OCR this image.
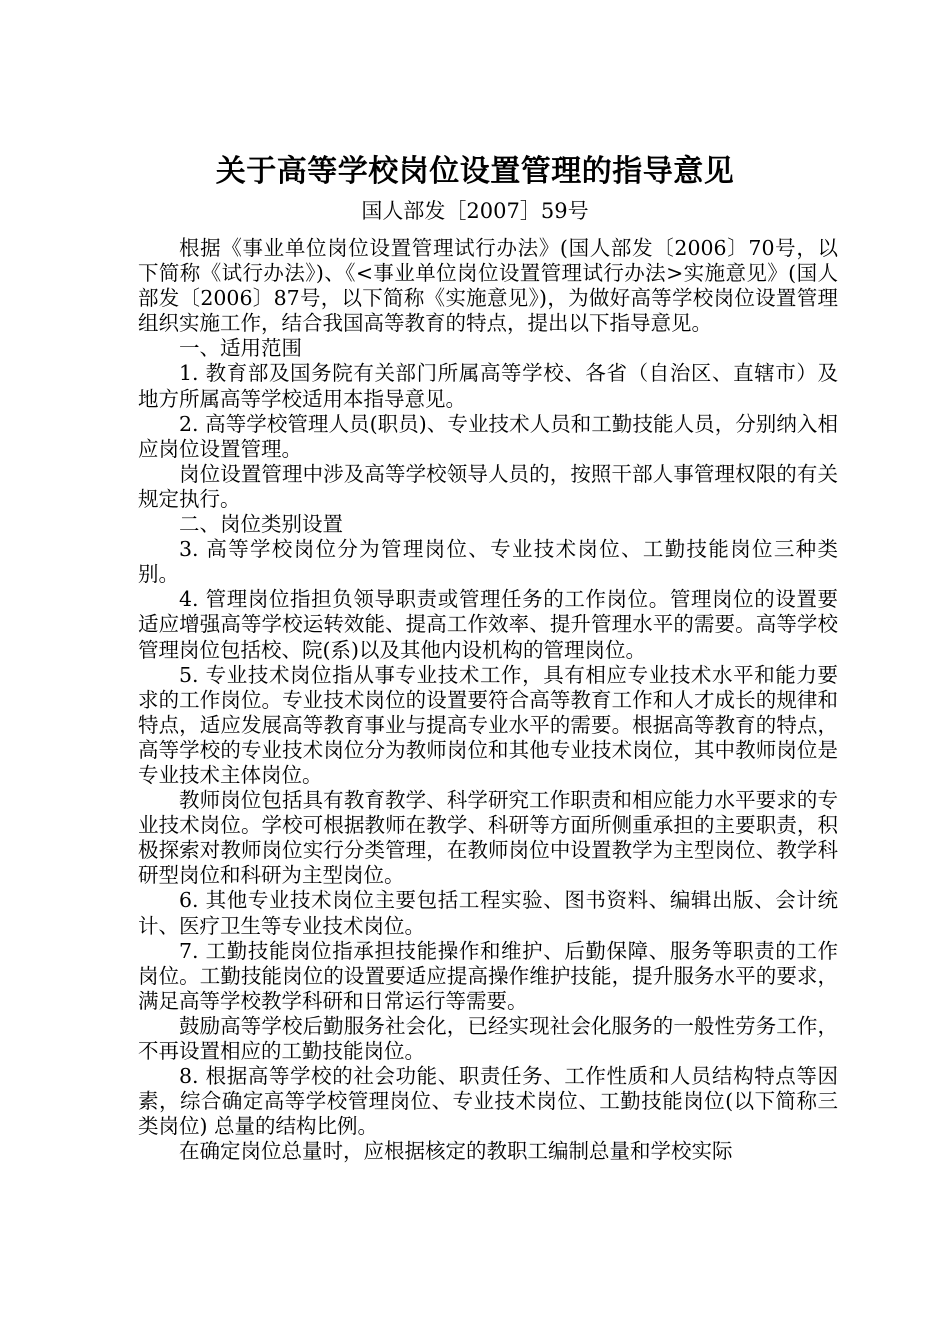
关于高等学校岗位设置管理的指导意见
国人部发［2007］59号

根据《事业单位岗位设置管理试行办法》(国人部发〔2006〕70号，以下简称《试行办法》)、《<事业单位岗位设置管理试行办法>实施意见》(国人部发〔2006〕87号，以下简称《实施意见》)，为做好高等学校岗位设置管理组织实施工作，结合我国高等教育的特点，提出以下指导意见。

一、适用范围

1. 教育部及国务院有关部门所属高等学校、各省（自治区、直辖市）及地方所属高等学校适用本指导意见。

2. 高等学校管理人员(职员)、专业技术人员和工勤技能人员，分别纳入相应岗位设置管理。

岗位设置管理中涉及高等学校领导人员的，按照干部人事管理权限的有关规定执行。

二、岗位类别设置

3. 高等学校岗位分为管理岗位、专业技术岗位、工勤技能岗位三种类别。

4. 管理岗位指担负领导职责或管理任务的工作岗位。管理岗位的设置要适应增强高等学校运转效能、提高工作效率、提升管理水平的需要。高等学校管理岗位包括校、院(系)以及其他内设机构的管理岗位。

5. 专业技术岗位指从事专业技术工作，具有相应专业技术水平和能力要求的工作岗位。专业技术岗位的设置要符合高等教育工作和人才成长的规律和特点，适应发展高等教育事业与提高专业水平的需要。根据高等教育的特点，高等学校的专业技术岗位分为教师岗位和其他专业技术岗位，其中教师岗位是专业技术主体岗位。

教师岗位包括具有教育教学、科学研究工作职责和相应能力水平要求的专业技术岗位。学校可根据教师在教学、科研等方面所侧重承担的主要职责，积极探索对教师岗位实行分类管理，在教师岗位中设置教学为主型岗位、教学科研型岗位和科研为主型岗位。

6. 其他专业技术岗位主要包括工程实验、图书资料、编辑出版、会计统计、医疗卫生等专业技术岗位。

7. 工勤技能岗位指承担技能操作和维护、后勤保障、服务等职责的工作岗位。工勤技能岗位的设置要适应提高操作维护技能，提升服务水平的要求，满足高等学校教学科研和日常运行等需要。

鼓励高等学校后勤服务社会化，已经实现社会化服务的一般性劳务工作，不再设置相应的工勤技能岗位。

8. 根据高等学校的社会功能、职责任务、工作性质和人员结构特点等因素，综合确定高等学校管理岗位、专业技术岗位、工勤技能岗位(以下简称三类岗位) 总量的结构比例。

在确定岗位总量时，应根据核定的教职工编制总量和学校实际
